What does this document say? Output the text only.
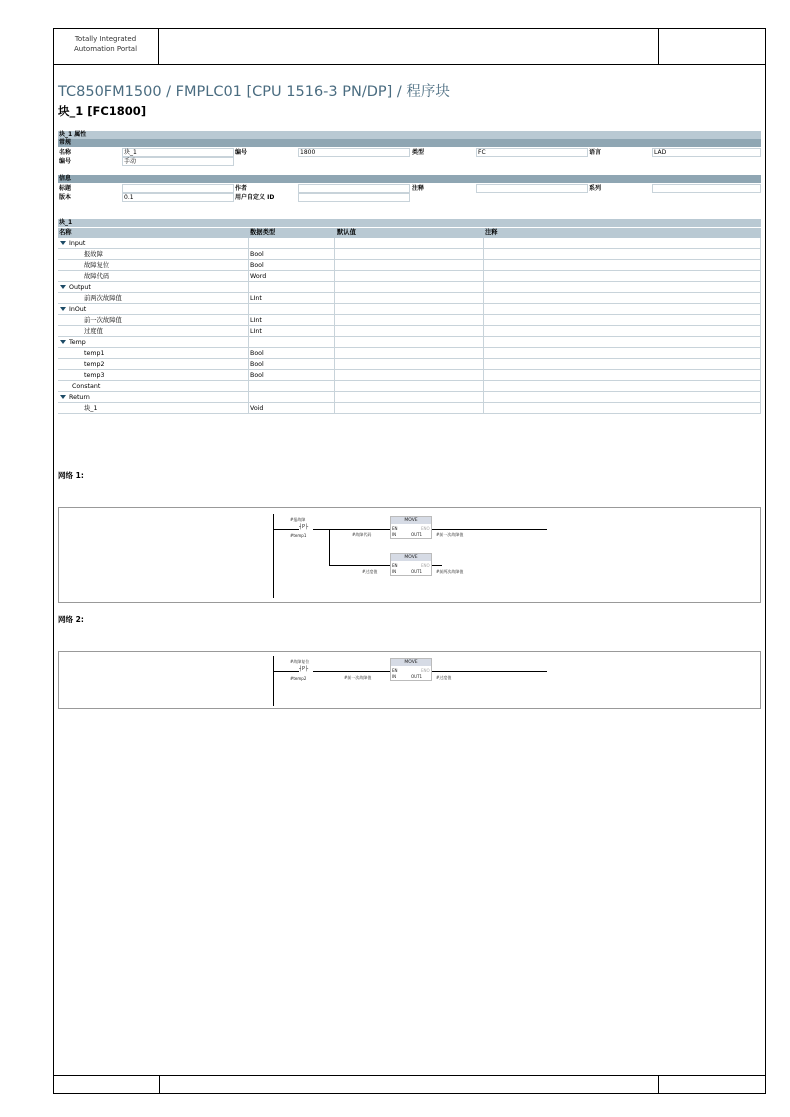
Totally Integrated
Automation Portal
TC850FM1500 / FMPLC01 [CPU 1516-3 PN/DP] / 程序块
块_1 [FC1800]
块_1 属性
常规
名称	块_1	编号	1800	类型	FC	语言	LAD
编号	手动
信息
标题	作者	注释	系列
版本	0.1	用户自定义 ID
块_1
名称	数据类型	默认值	注释
Input
报故障	Bool
故障复位	Bool
故障代码	Word
Output
前两次故障值	LInt
InOut
前一次故障值	LInt
过度值	LInt
Temp
temp1	Bool
temp2	Bool
temp3	Bool
Constant
Return
块_1	Void
网络 1:
#报故障
┤P├
#temp1
MOVE
EN	ENO
IN	OUT1
#故障代码	#前一次故障值
MOVE
EN	ENO
IN	OUT1
#过度值	#前两次故障值
网络 2:
#故障复位
┤P├
#temp2
MOVE
EN	ENO
IN	OUT1
#前一次故障值	#过度值
